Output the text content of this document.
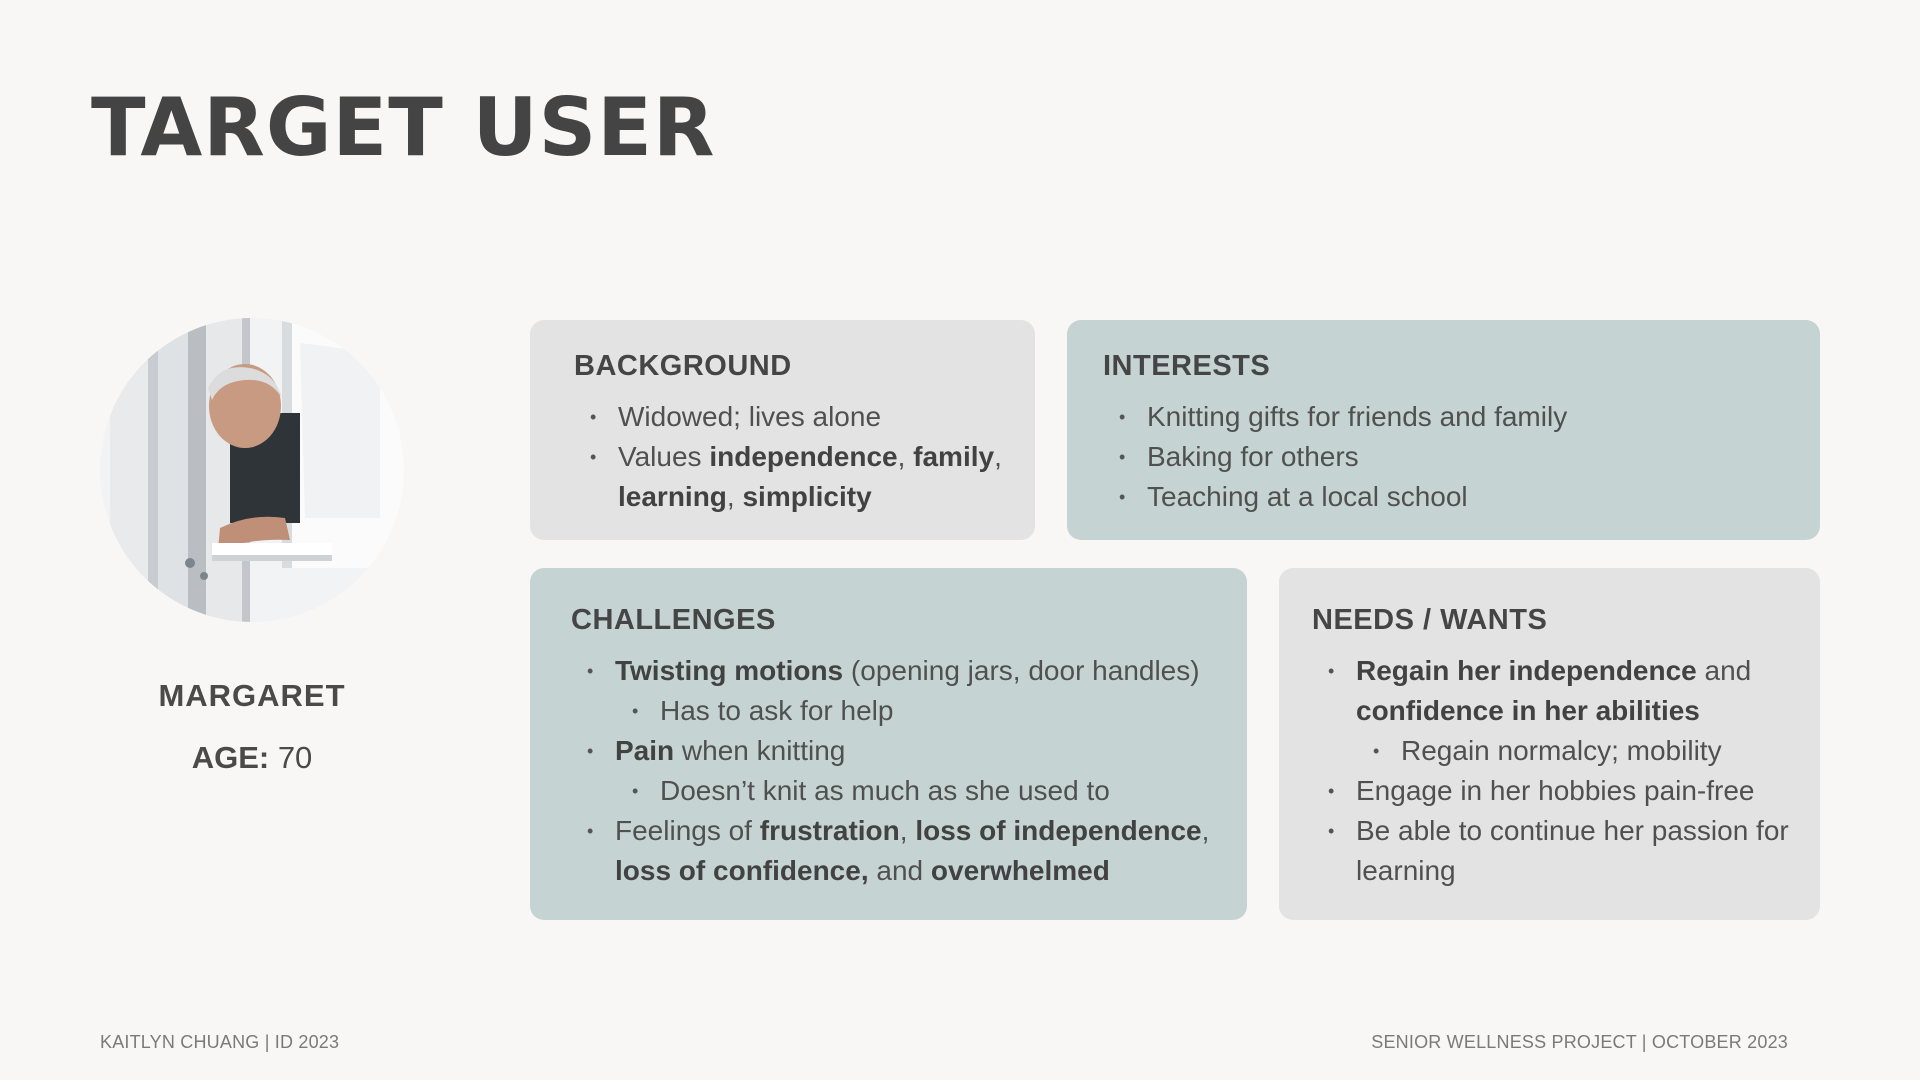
TARGET USER
MARGARET
AGE: 70
BACKGROUND
• Widowed; lives alone
• Values independence, family, learning, simplicity
INTERESTS
• Knitting gifts for friends and family
• Baking for others
• Teaching at a local school
CHALLENGES
• Twisting motions (opening jars, door handles)
• Has to ask for help
• Pain when knitting
• Doesn’t knit as much as she used to
• Feelings of frustration, loss of independence, loss of confidence, and overwhelmed
NEEDS / WANTS
• Regain her independence and confidence in her abilities
• Regain normalcy; mobility
• Engage in her hobbies pain-free
• Be able to continue her passion for learning
KAITLYN CHUANG | ID 2023	SENIOR WELLNESS PROJECT | OCTOBER 2023
